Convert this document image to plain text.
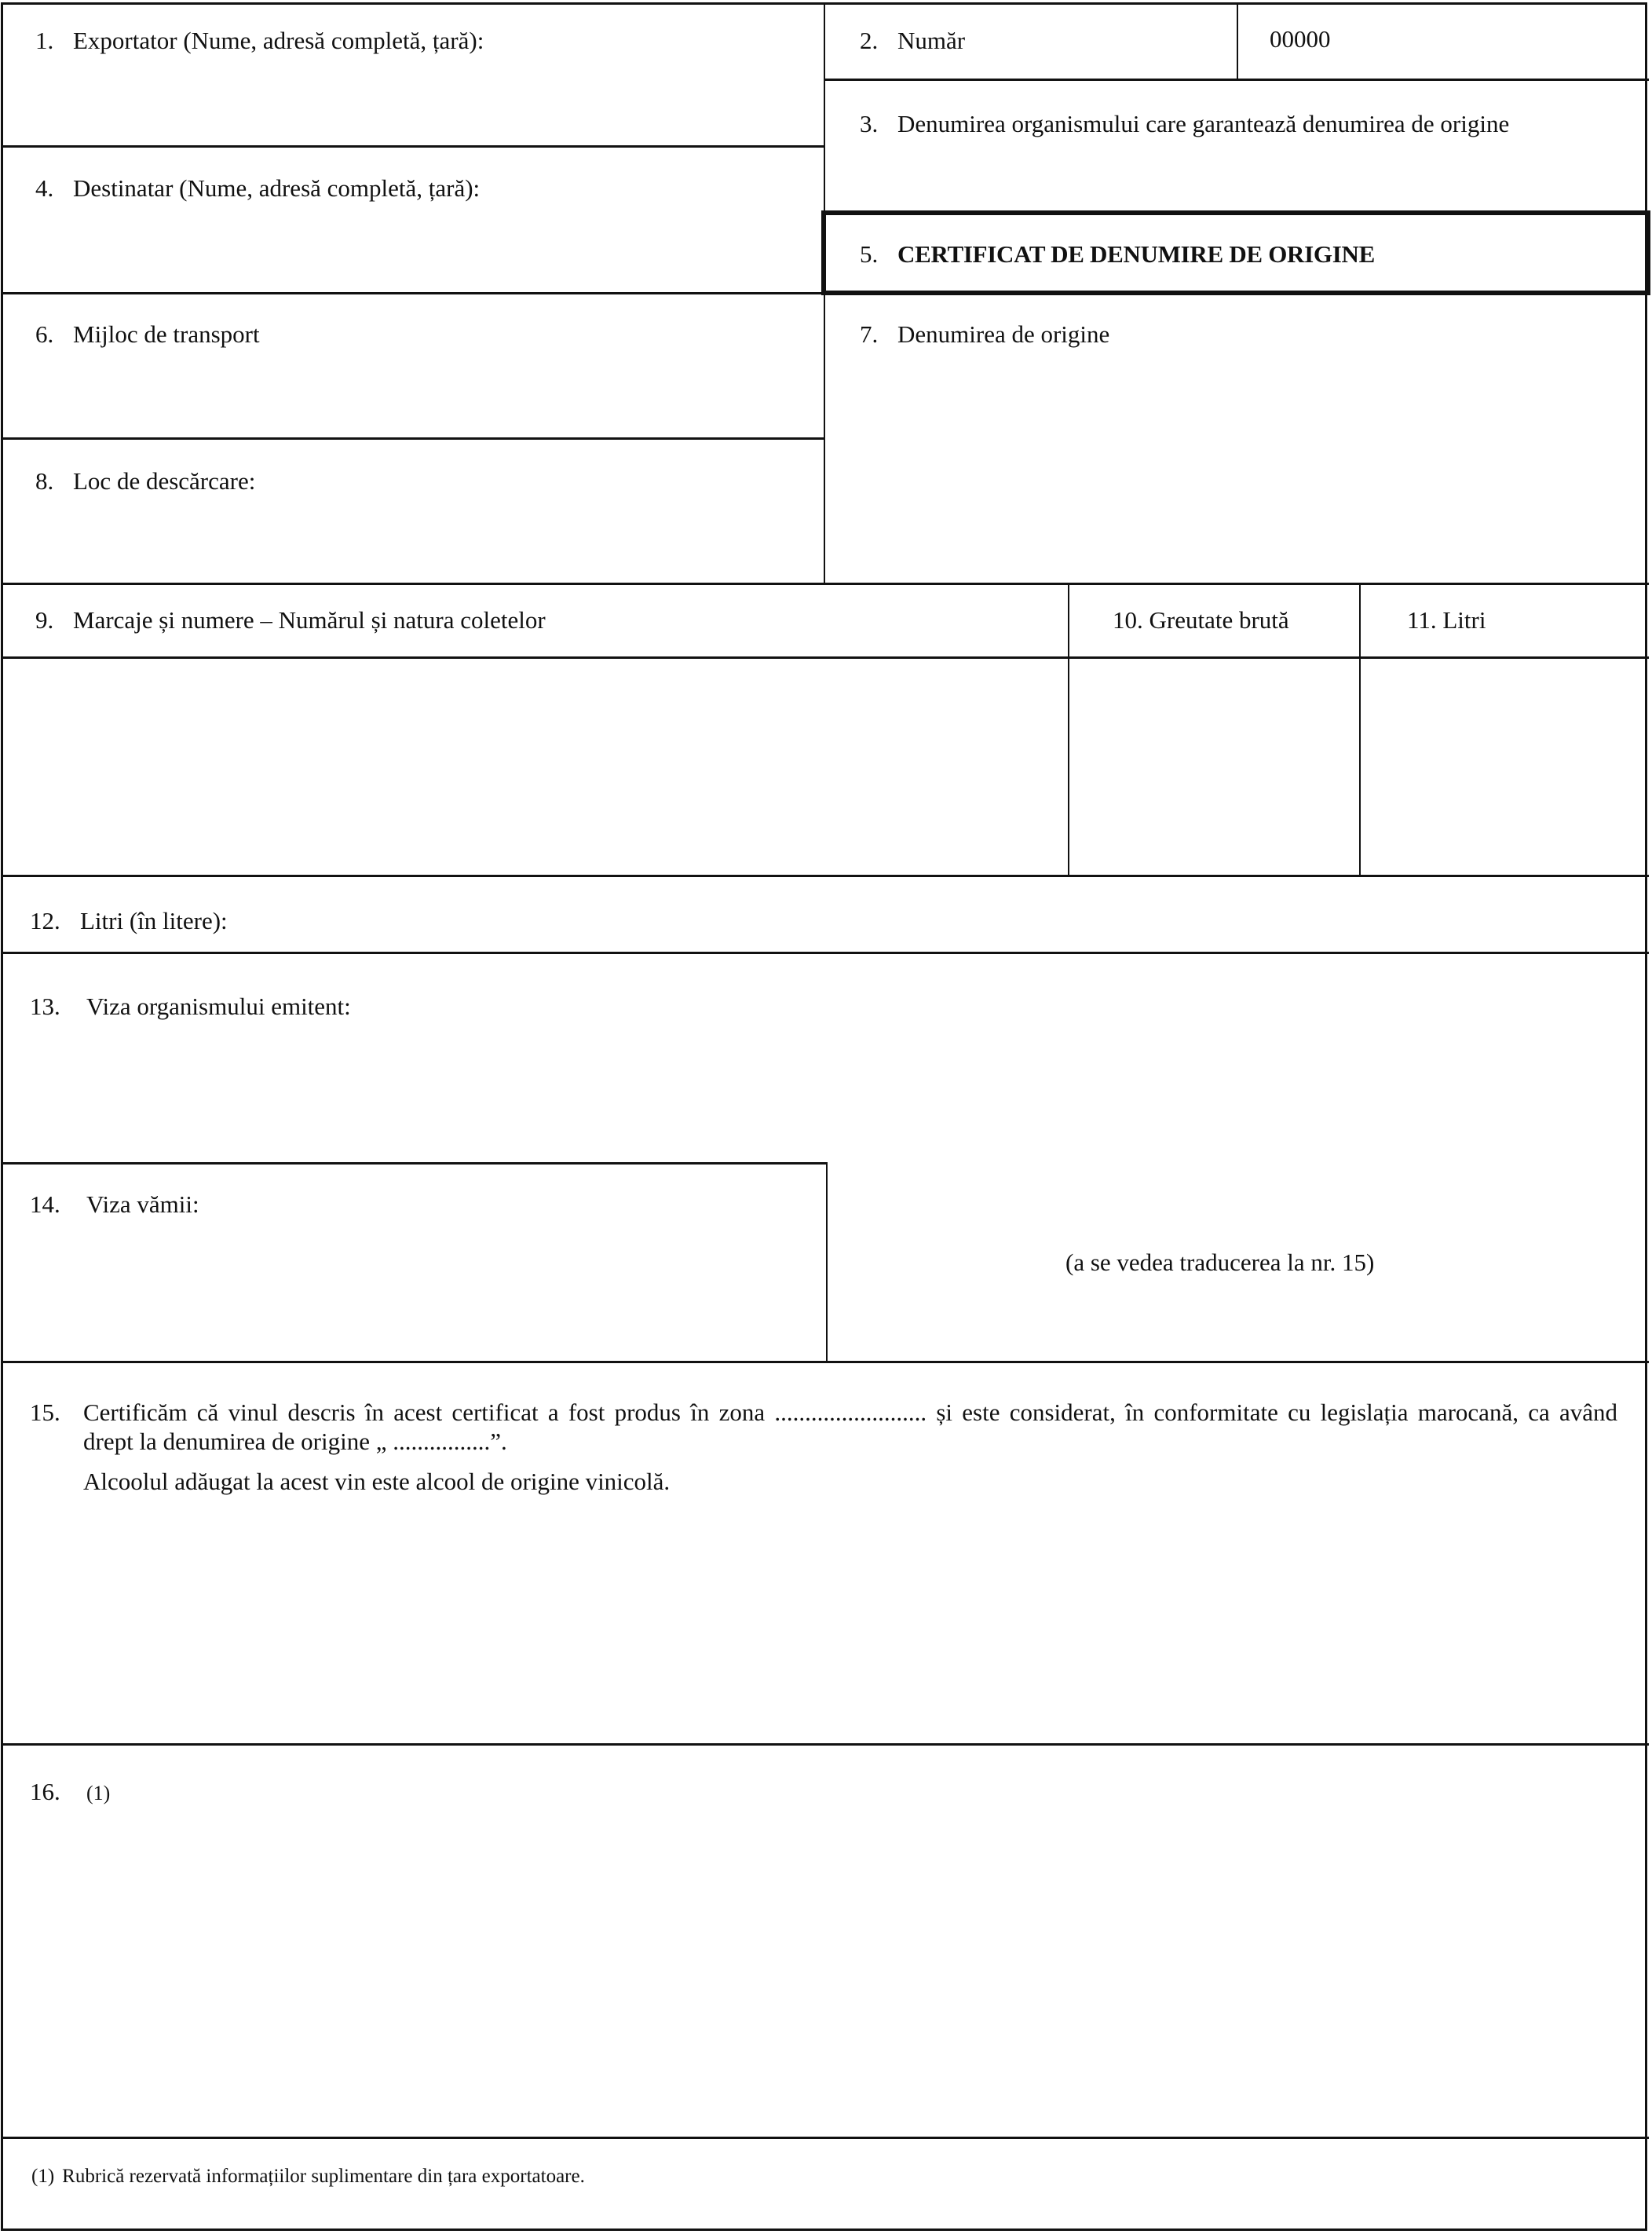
1. Exportator (Nume, adresă completă, țară):	2. Număr	00000
3. Denumirea organismului care garantează denumirea de origine
4. Destinatar (Nume, adresă completă, țară):
5. CERTIFICAT DE DENUMIRE DE ORIGINE
6. Mijloc de transport	7. Denumirea de origine
8. Loc de descărcare:
9. Marcaje și numere – Numărul și natura coletelor	10. Greutate brută	11. Litri
12. Litri (în litere):
13. Viza organismului emitent:
14. Viza vămii:
(a se vedea traducerea la nr. 15)
15. Certificăm că vinul descris în acest certificat a fost produs în zona ......................... și este considerat, în conformitate cu legislația marocană, ca având
drept la denumirea de origine „ ................”.
Alcoolul adăugat la acest vin este alcool de origine vinicolă.
16. (1)
(1) Rubrică rezervată informațiilor suplimentare din țara exportatoare.
